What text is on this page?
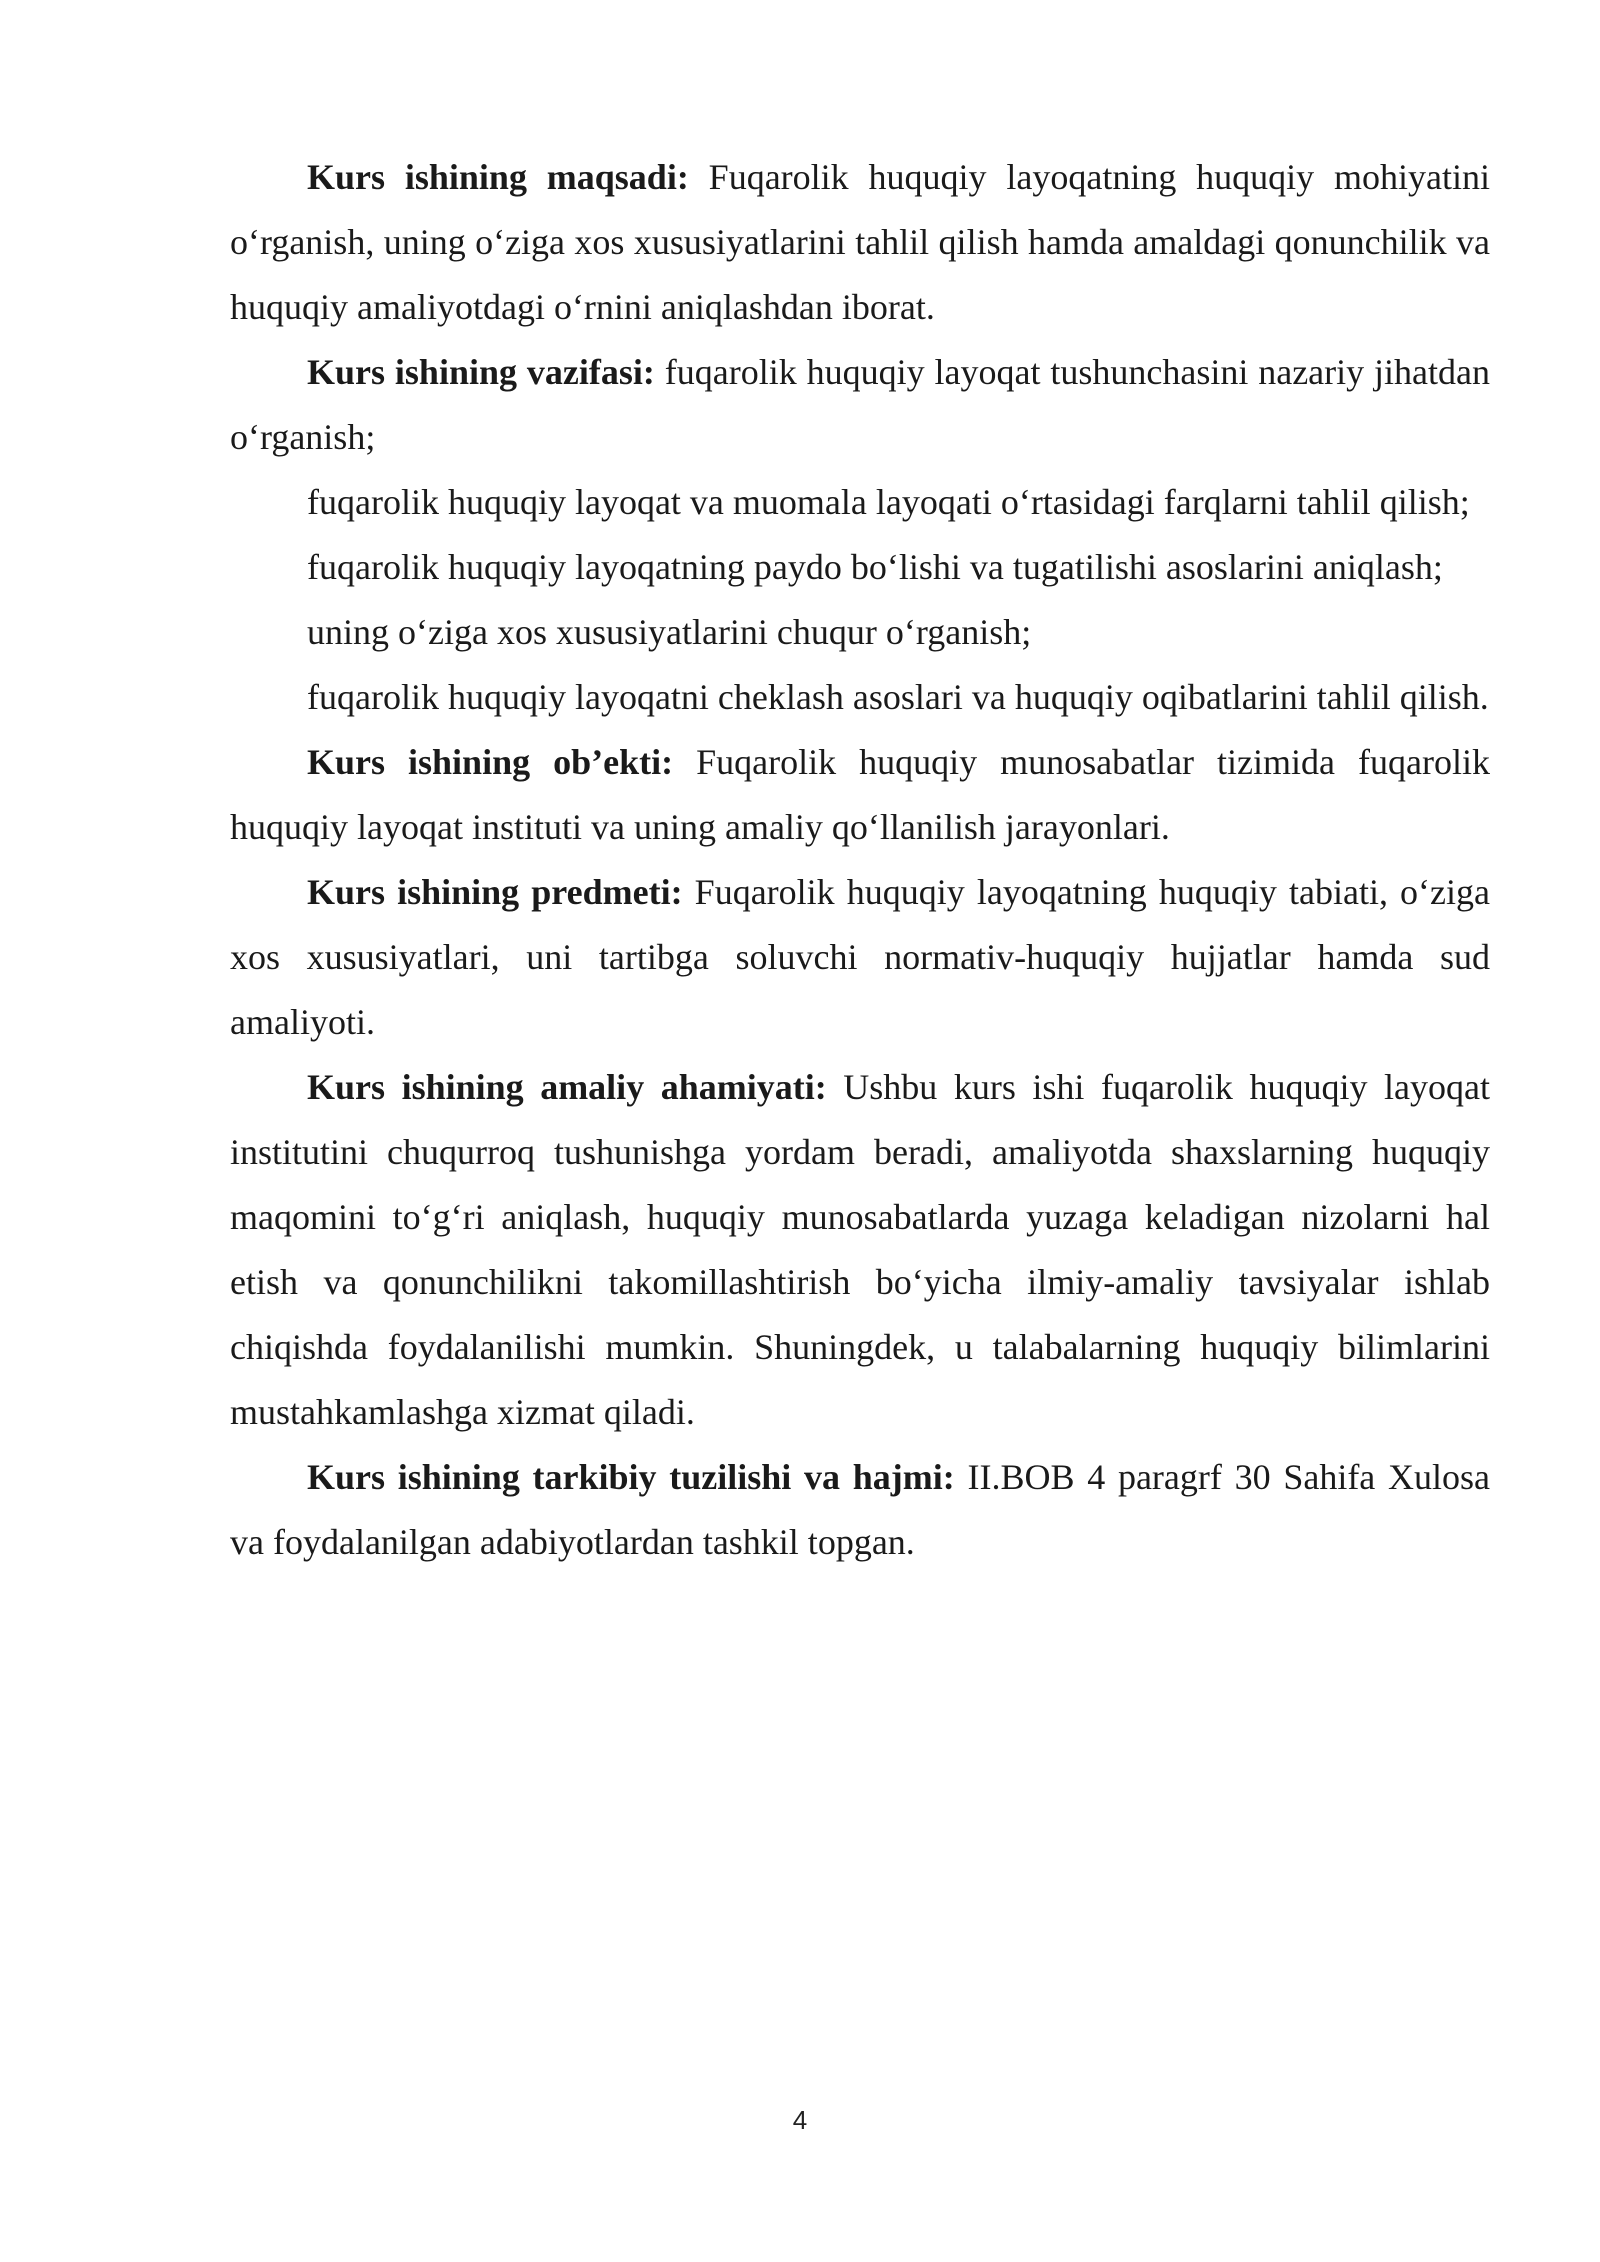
Kurs ishining maqsadi: Fuqarolik huquqiy layoqatning huquqiy mohiyatini o‘rganish, uning o‘ziga xos xususiyatlarini tahlil qilish hamda amaldagi qonunchilik va huquqiy amaliyotdagi o‘rnini aniqlashdan iborat.

Kurs ishining vazifasi: fuqarolik huquqiy layoqat tushunchasini nazariy jihatdan o‘rganish;

fuqarolik huquqiy layoqat va muomala layoqati o‘rtasidagi farqlarni tahlil qilish;

fuqarolik huquqiy layoqatning paydo bo‘lishi va tugatilishi asoslarini aniqlash;

uning o‘ziga xos xususiyatlarini chuqur o‘rganish;

fuqarolik huquqiy layoqatni cheklash asoslari va huquqiy oqibatlarini tahlil qilish.

Kurs ishining ob’ekti: Fuqarolik huquqiy munosabatlar tizimida fuqarolik huquqiy layoqat instituti va uning amaliy qo‘llanilish jarayonlari.

Kurs ishining predmeti: Fuqarolik huquqiy layoqatning huquqiy tabiati, o‘ziga xos xususiyatlari, uni tartibga soluvchi normativ-huquqiy hujjatlar hamda sud amaliyoti.

Kurs ishining amaliy ahamiyati: Ushbu kurs ishi fuqarolik huquqiy layoqat institutini chuqurroq tushunishga yordam beradi, amaliyotda shaxslarning huquqiy maqomini to‘g‘ri aniqlash, huquqiy munosabatlarda yuzaga keladigan nizolarni hal etish va qonunchilikni takomillashtirish bo‘yicha ilmiy-amaliy tavsiyalar ishlab chiqishda foydalanilishi mumkin. Shuningdek, u talabalarning huquqiy bilimlarini mustahkamlashga xizmat qiladi.

Kurs ishining tarkibiy tuzilishi va hajmi: II.BOB 4 paragrf 30 Sahifa Xulosa va foydalanilgan adabiyotlardan tashkil topgan.

4
